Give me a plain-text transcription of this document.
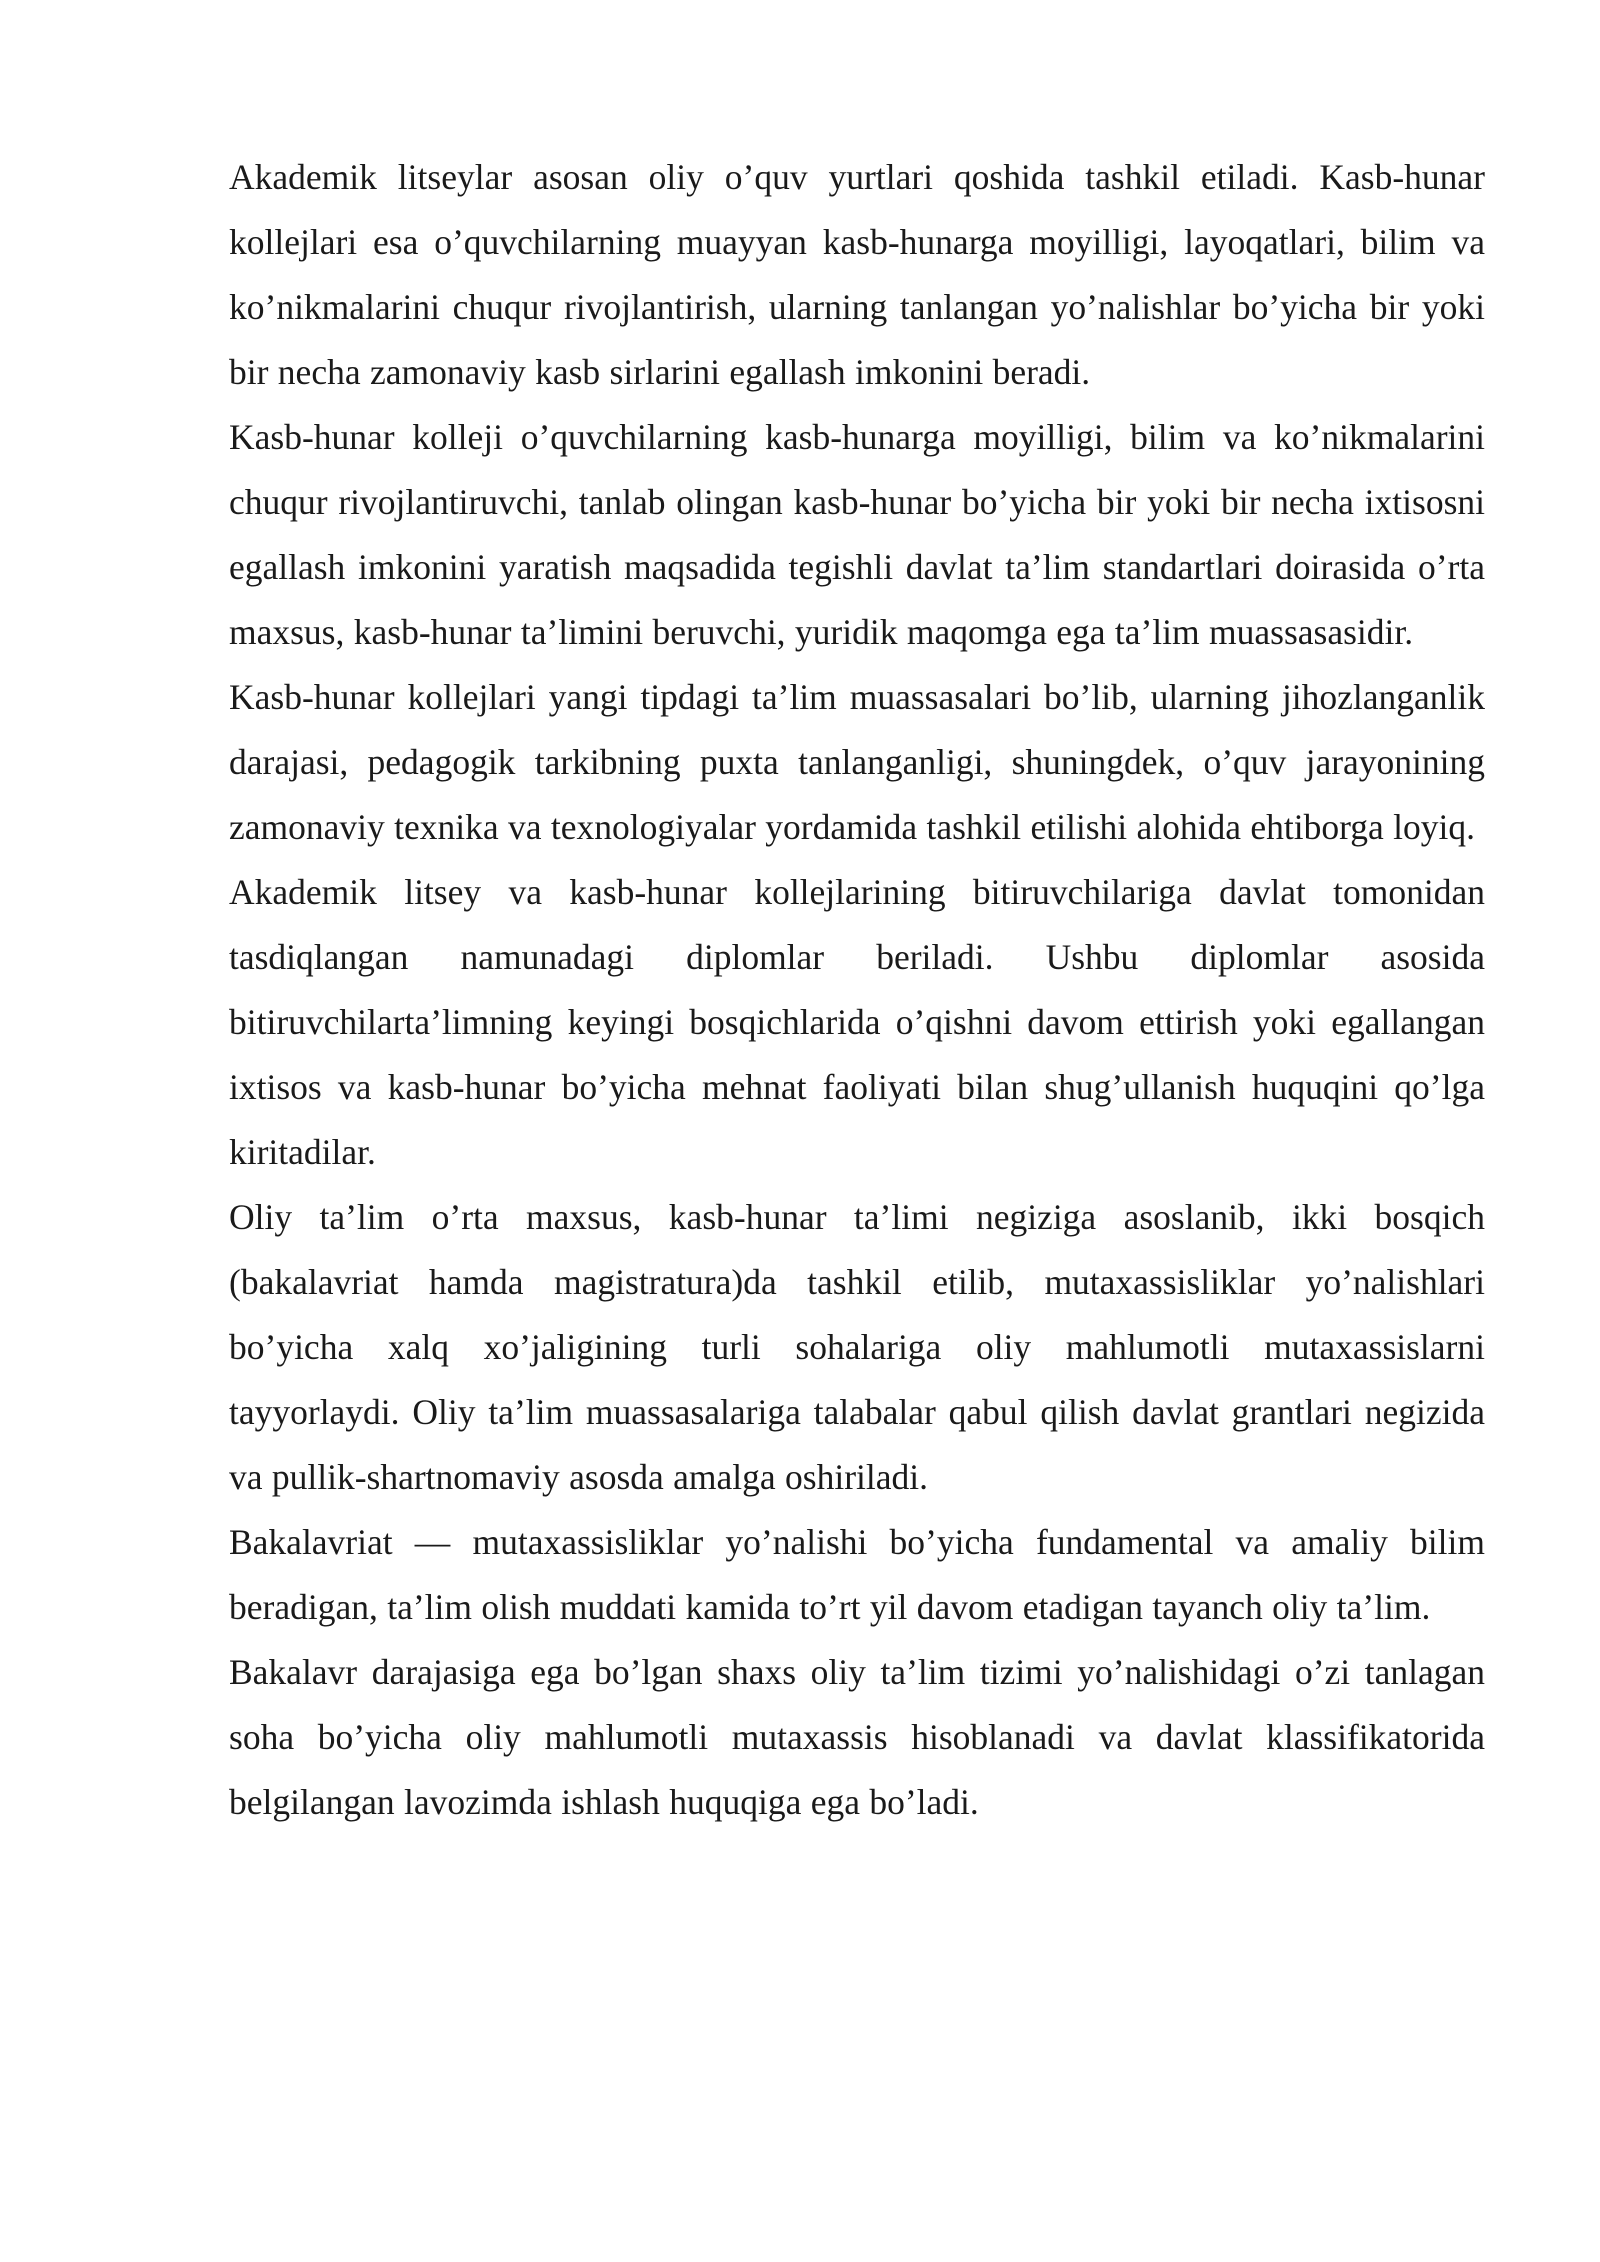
Akademik litseylar asosan oliy o’quv yurtlari qoshida tashkil etiladi. Kasb-hunar kollejlari esa o’quvchilarning muayyan kasb-hunarga moyilligi, layoqatlari, bilim va ko’nikmalarini chuqur rivojlantirish, ularning tanlangan yo’nalishlar bo’yicha bir yoki bir necha zamonaviy kasb sirlarini egallash imkonini beradi.

Kasb-hunar kolleji o’quvchilarning kasb-hunarga moyilligi, bilim va ko’nikmalarini chuqur rivojlantiruvchi, tanlab olingan kasb-hunar bo’yicha bir yoki bir necha ixtisosni egallash imkonini yaratish maqsadida tegishli davlat ta’lim standartlari doirasida o’rta maxsus, kasb-hunar ta’limini beruvchi, yuridik maqomga ega ta’lim muassasasidir.

Kasb-hunar kollejlari yangi tipdagi ta’lim muassasalari bo’lib, ularning jihozlanganlik darajasi, pedagogik tarkibning puxta tanlanganligi, shuningdek, o’quv jarayonining zamonaviy texnika va texnologiyalar yordamida tashkil etilishi alohida ehtiborga loyiq.

Akademik litsey va kasb-hunar kollejlarining bitiruvchilariga davlat tomonidan tasdiqlangan namunadagi diplomlar beriladi. Ushbu diplomlar asosida bitiruvchilarta’limning keyingi bosqichlarida o’qishni davom ettirish yoki egallangan ixtisos va kasb-hunar bo’yicha mehnat faoliyati bilan shug’ullanish huquqini qo’lga kiritadilar.

Oliy ta’lim o’rta maxsus, kasb-hunar ta’limi negiziga asoslanib, ikki bosqich (bakalavriat hamda magistratura)da tashkil etilib, mutaxassisliklar yo’nalishlari bo’yicha xalq xo’jaligining turli sohalariga oliy mahlumotli mutaxassislarni tayyorlaydi. Oliy ta’lim muassasalariga talabalar qabul qilish davlat grantlari negizida va pullik-shartnomaviy asosda amalga oshiriladi.

Bakalavriat — mutaxassisliklar yo’nalishi bo’yicha fundamental va amaliy bilim beradigan, ta’lim olish muddati kamida to’rt yil davom etadigan tayanch oliy ta’lim.

Bakalavr darajasiga ega bo’lgan shaxs oliy ta’lim tizimi yo’nalishidagi o’zi tanlagan soha bo’yicha oliy mahlumotli mutaxassis hisoblanadi va davlat klassifikatorida belgilangan lavozimda ishlash huquqiga ega bo’ladi.
